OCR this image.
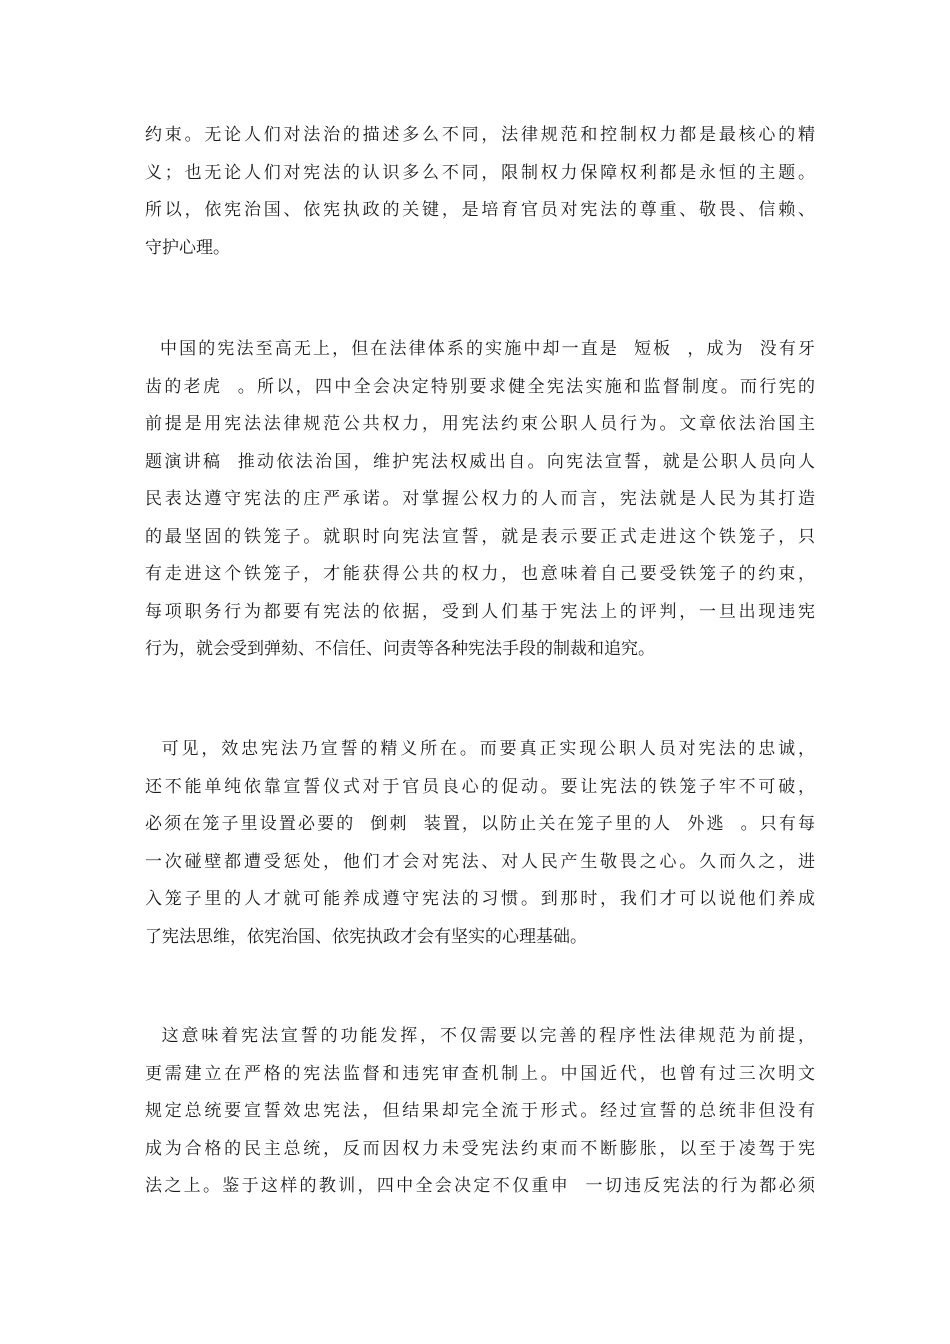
约束。无论人们对法治的描述多么不同，法律规范和控制权力都是最核心的精
义；也无论人们对宪法的认识多么不同，限制权力保障权利都是永恒的主题。
所以，依宪治国、依宪执政的关键，是培育官员对宪法的尊重、敬畏、信赖、
守护心理。
中国的宪法至高无上，但在法律体系的实施中却一直是  短板  ，成为  没有牙
齿的老虎  。所以，四中全会决定特别要求健全宪法实施和监督制度。而行宪的
前提是用宪法法律规范公共权力，用宪法约束公职人员行为。文章依法治国主
题演讲稿  推动依法治国，维护宪法权威出自。向宪法宣誓，就是公职人员向人
民表达遵守宪法的庄严承诺。对掌握公权力的人而言，宪法就是人民为其打造
的最坚固的铁笼子。就职时向宪法宣誓，就是表示要正式走进这个铁笼子，只
有走进这个铁笼子，才能获得公共的权力，也意味着自己要受铁笼子的约束，
每项职务行为都要有宪法的依据，受到人们基于宪法上的评判，一旦出现违宪
行为，就会受到弹劾、不信任、问责等各种宪法手段的制裁和追究。
可见，效忠宪法乃宣誓的精义所在。而要真正实现公职人员对宪法的忠诚，
还不能单纯依靠宣誓仪式对于官员良心的促动。要让宪法的铁笼子牢不可破，
必须在笼子里设置必要的  倒刺  装置，以防止关在笼子里的人  外逃  。只有每
一次碰壁都遭受惩处，他们才会对宪法、对人民产生敬畏之心。久而久之，进
入笼子里的人才就可能养成遵守宪法的习惯。到那时，我们才可以说他们养成
了宪法思维，依宪治国、依宪执政才会有坚实的心理基础。
这意味着宪法宣誓的功能发挥，不仅需要以完善的程序性法律规范为前提，
更需建立在严格的宪法监督和违宪审查机制上。中国近代，也曾有过三次明文
规定总统要宣誓效忠宪法，但结果却完全流于形式。经过宣誓的总统非但没有
成为合格的民主总统，反而因权力未受宪法约束而不断膨胀，以至于凌驾于宪
法之上。鉴于这样的教训，四中全会决定不仅重申  一切违反宪法的行为都必须
